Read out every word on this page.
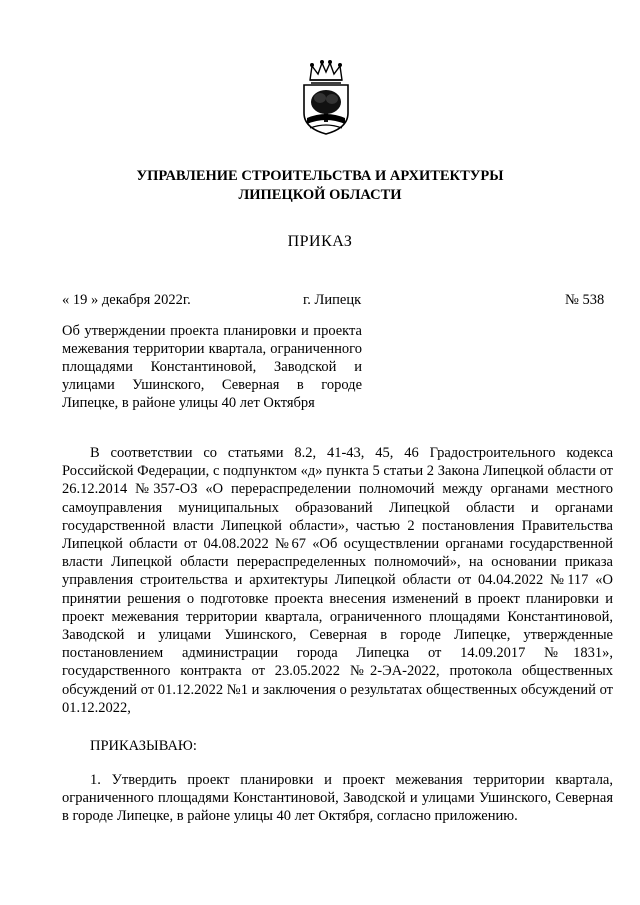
УПРАВЛЕНИЕ СТРОИТЕЛЬСТВА И АРХИТЕКТУРЫ
ЛИПЕЦКОЙ ОБЛАСТИ
ПРИКАЗ
« 19 » декабря 2022г.	г. Липецк	№ 538
Об утверждении проекта планировки и проекта межевания территории квартала, ограниченного площадями Константиновой, Заводской и улицами Ушинского, Северная в городе Липецке, в районе улицы 40 лет Октября
В соответствии со статьями 8.2, 41-43, 45, 46 Градостроительного кодекса Российской Федерации, с подпунктом «д» пункта 5 статьи 2 Закона Липецкой области от 26.12.2014 №357-ОЗ «О перераспределении полномочий между органами местного самоуправления муниципальных образований Липецкой области и органами государственной власти Липецкой области», частью 2 постановления Правительства Липецкой области от 04.08.2022 №67 «Об осуществлении органами государственной власти Липецкой области перераспределенных полномочий», на основании приказа управления строительства и архитектуры Липецкой области от 04.04.2022 №117 «О принятии решения о подготовке проекта внесения изменений в проект планировки и проект межевания территории квартала, ограниченного площадями Константиновой, Заводской и улицами Ушинского, Северная в городе Липецке, утвержденные постановлением администрации города Липецка от 14.09.2017 №1831», государственного контракта от 23.05.2022 №2-ЭА-2022, протокола общественных обсуждений от 01.12.2022 №1 и заключения о результатах общественных обсуждений от 01.12.2022,
ПРИКАЗЫВАЮ:
1. Утвердить проект планировки и проект межевания территории квартала, ограниченного площадями Константиновой, Заводской и улицами Ушинского, Северная в городе Липецке, в районе улицы 40 лет Октября, согласно приложению.
